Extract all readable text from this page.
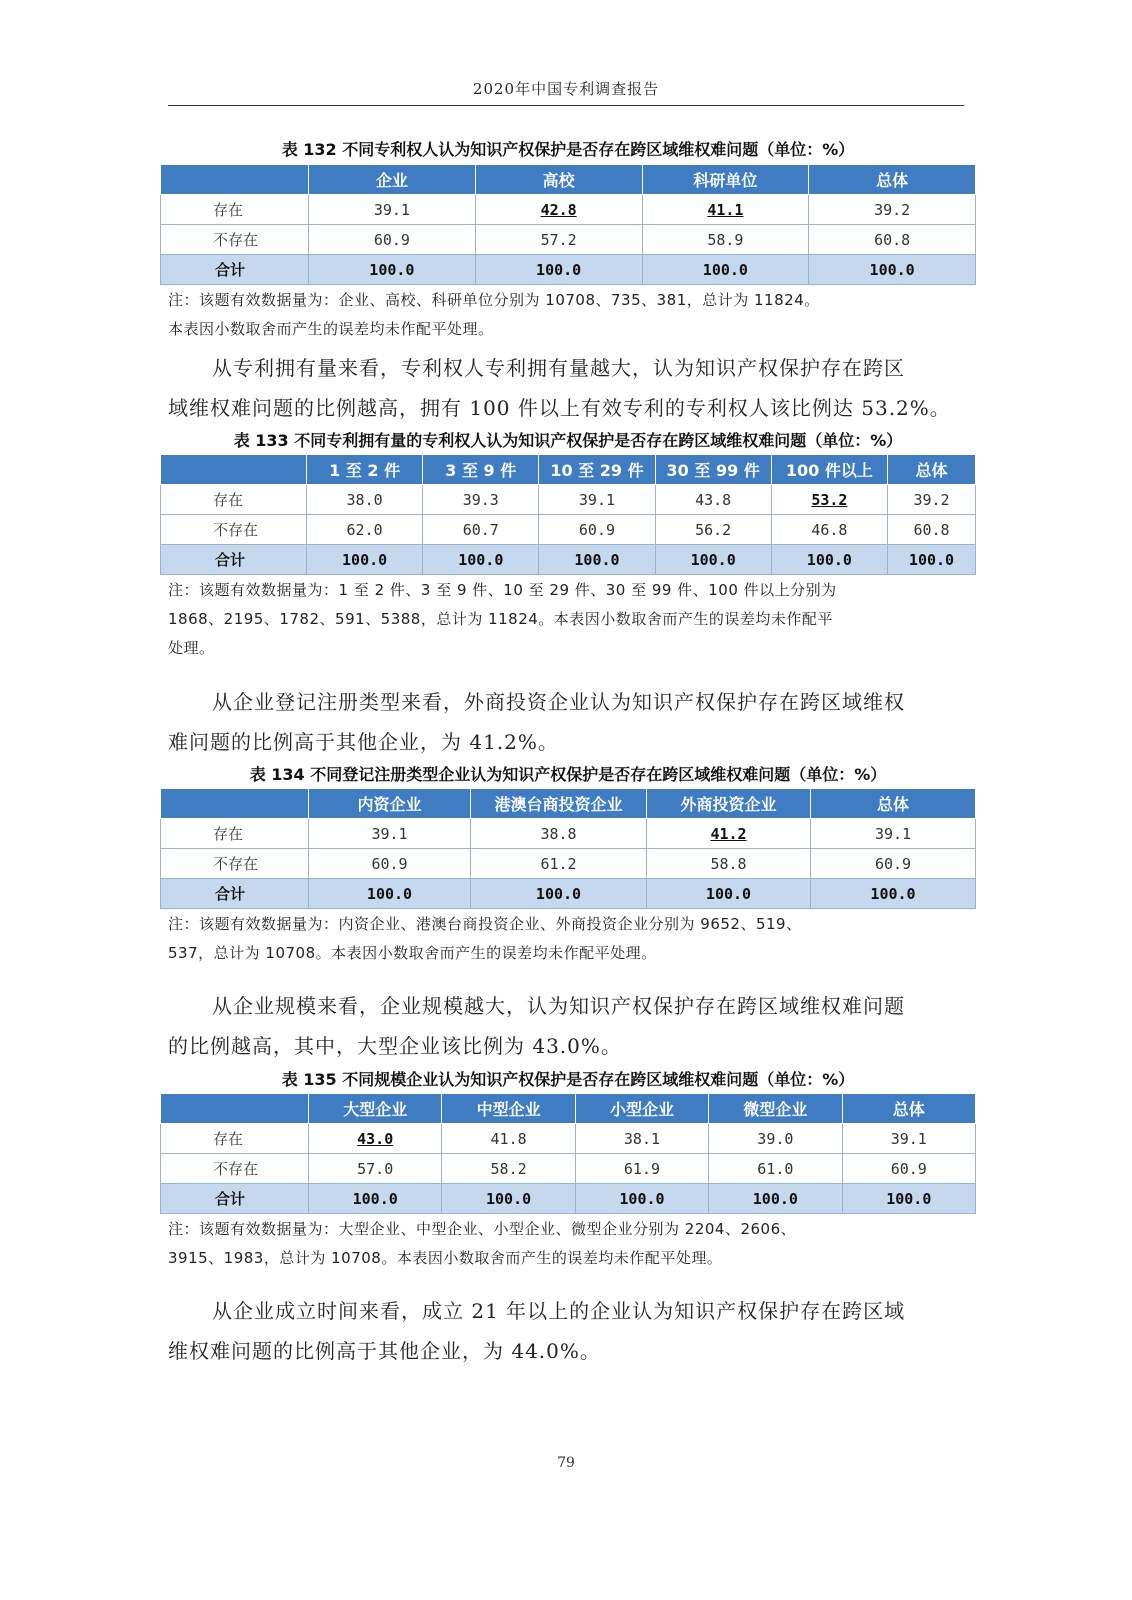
2020年中国专利调查报告
表 132 不同专利权人认为知识产权保护是否存在跨区域维权难问题（单位：%）
	企业	高校	科研单位	总体
存在	39.1	42.8	41.1	39.2
不存在	60.9	57.2	58.9	60.8
合计	100.0	100.0	100.0	100.0
注：该题有效数据量为：企业、高校、科研单位分别为 10708、735、381，总计为 11824。
本表因小数取舍而产生的误差均未作配平处理。
从专利拥有量来看，专利权人专利拥有量越大，认为知识产权保护存在跨区
域维权难问题的比例越高，拥有 100 件以上有效专利的专利权人该比例达 53.2%。
表 133 不同专利拥有量的专利权人认为知识产权保护是否存在跨区域维权难问题（单位：%）
	1 至 2 件	3 至 9 件	10 至 29 件	30 至 99 件	100 件以上	总体
存在	38.0	39.3	39.1	43.8	53.2	39.2
不存在	62.0	60.7	60.9	56.2	46.8	60.8
合计	100.0	100.0	100.0	100.0	100.0	100.0
注：该题有效数据量为：1 至 2 件、3 至 9 件、10 至 29 件、30 至 99 件、100 件以上分别为
1868、2195、1782、591、5388，总计为 11824。本表因小数取舍而产生的误差均未作配平
处理。
从企业登记注册类型来看，外商投资企业认为知识产权保护存在跨区域维权
难问题的比例高于其他企业，为 41.2%。
表 134 不同登记注册类型企业认为知识产权保护是否存在跨区域维权难问题（单位：%）
	内资企业	港澳台商投资企业	外商投资企业	总体
存在	39.1	38.8	41.2	39.1
不存在	60.9	61.2	58.8	60.9
合计	100.0	100.0	100.0	100.0
注：该题有效数据量为：内资企业、港澳台商投资企业、外商投资企业分别为 9652、519、
537，总计为 10708。本表因小数取舍而产生的误差均未作配平处理。
从企业规模来看，企业规模越大，认为知识产权保护存在跨区域维权难问题
的比例越高，其中，大型企业该比例为 43.0%。
表 135 不同规模企业认为知识产权保护是否存在跨区域维权难问题（单位：%）
	大型企业	中型企业	小型企业	微型企业	总体
存在	43.0	41.8	38.1	39.0	39.1
不存在	57.0	58.2	61.9	61.0	60.9
合计	100.0	100.0	100.0	100.0	100.0
注：该题有效数据量为：大型企业、中型企业、小型企业、微型企业分别为 2204、2606、
3915、1983，总计为 10708。本表因小数取舍而产生的误差均未作配平处理。
从企业成立时间来看，成立 21 年以上的企业认为知识产权保护存在跨区域
维权难问题的比例高于其他企业，为 44.0%。
79
